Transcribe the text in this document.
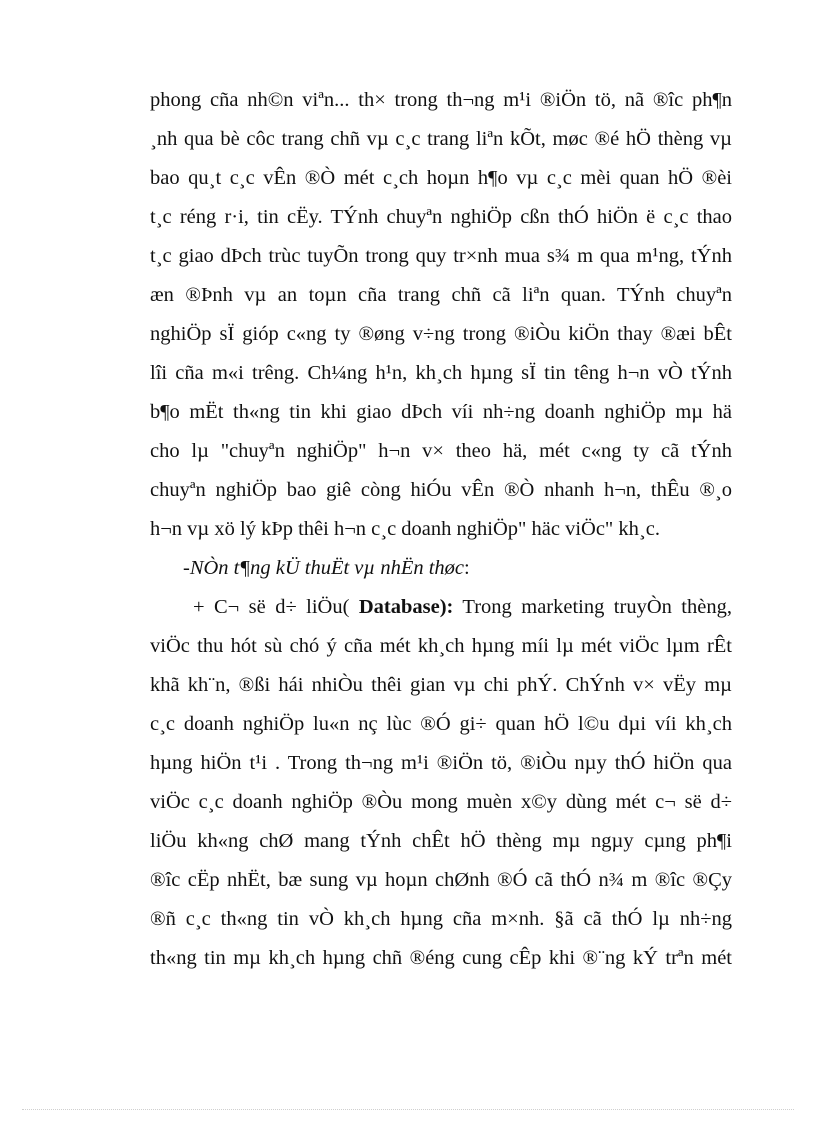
phong cña nh©n viªn... th× trong th¬ng m¹i ®iÖn tö, nã ®îc ph¶n
¸nh qua bè côc trang chñ vµ c¸c trang liªn kÕt, møc ®é hÖ thèng vµ
bao qu¸t c¸c vÊn ®Ò mét c¸ch hoµn h¶o vµ c¸c mèi quan hÖ ®èi
t¸c réng r·i, tin cËy. TÝnh chuyªn nghiÖp cßn thÓ hiÖn ë c¸c thao
t¸c giao dÞch trùc tuyÕn trong quy tr×nh mua s¾ m qua m¹ng, tÝnh
æn ®Þnh vµ an toµn cña trang chñ cã liªn quan. TÝnh chuyªn
nghiÖp sÏ gióp c«ng ty ®øng v÷ng trong ®iÒu kiÖn thay ®æi bÊt
lîi cña m«i trêng. Ch¼ng h¹n, kh¸ch hµng sÏ tin têng h¬n vÒ tÝnh
b¶o mËt th«ng tin khi giao dÞch víi nh÷ng doanh nghiÖp mµ hä
cho lµ "chuyªn nghiÖp" h¬n v× theo hä, mét c«ng ty cã tÝnh
chuyªn nghiÖp bao giê còng hiÓu vÊn ®Ò nhanh h¬n, thÊu ®¸o
h¬n vµ xö lý kÞp thêi h¬n c¸c doanh nghiÖp" häc viÖc" kh¸c.
-NÒn t¶ng kÜ thuËt vµ nhËn thøc:
+ C¬ së d÷ liÖu( Database): Trong marketing truyÒn thèng,
viÖc thu hót sù chó ý cña mét kh¸ch hµng míi lµ mét viÖc lµm rÊt
khã kh¨n, ®ßi hái nhiÒu thêi gian vµ chi phÝ. ChÝnh v× vËy mµ
c¸c doanh nghiÖp lu«n nç lùc ®Ó gi÷ quan hÖ l©u dµi víi kh¸ch
hµng hiÖn t¹i . Trong th¬ng m¹i ®iÖn tö, ®iÒu nµy thÓ hiÖn qua
viÖc c¸c doanh nghiÖp ®Òu mong muèn x©y dùng mét c¬ së d÷
liÖu kh«ng chØ mang tÝnh chÊt hÖ thèng mµ ngµy cµng ph¶i
®îc cËp nhËt, bæ sung vµ hoµn chØnh ®Ó cã thÓ n¾ m ®îc ®Çy
®ñ c¸c th«ng tin vÒ kh¸ch hµng cña m×nh. §ã cã thÓ lµ nh÷ng
th«ng tin mµ kh¸ch hµng chñ ®éng cung cÊp khi ®¨ng kÝ trªn mét
